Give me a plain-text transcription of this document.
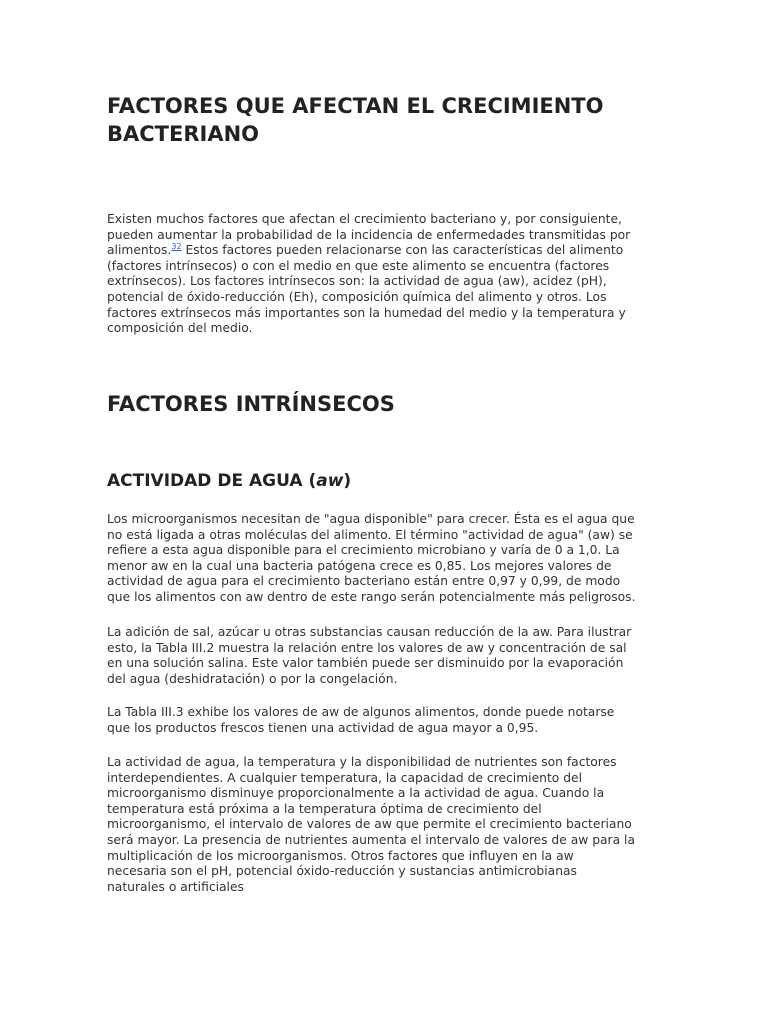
FACTORES QUE AFECTAN EL CRECIMIENTO
BACTERIANO

Existen muchos factores que afectan el crecimiento bacteriano y, por consiguiente, pueden aumentar la probabilidad de la incidencia de enfermedades transmitidas por alimentos.$^{32}$ Estos factores pueden relacionarse con las características del alimento (factores intrínsecos) o con el medio en que este alimento se encuentra (factores extrínsecos). Los factores intrínsecos son: la actividad de agua (aw), acidez (pH), potencial de óxido-reducción (Eh), composición química del alimento y otros. Los factores extrínsecos más importantes son la humedad del medio y la temperatura y composición del medio.

FACTORES INTRÍNSECOS
ACTIVIDAD DE AGUA (aw)

Los microorganismos necesitan de "agua disponible" para crecer. Ésta es el agua que no está ligada a otras moléculas del alimento. El término "actividad de agua" (aw) se refiere a esta agua disponible para el crecimiento microbiano y varía de 0 a 1,0. La menor aw en la cual una bacteria patógena crece es 0,85. Los mejores valores de actividad de agua para el crecimiento bacteriano están entre 0,97 y 0,99, de modo que los alimentos con aw dentro de este rango serán potencialmente más peligrosos.

La adición de sal, azúcar u otras substancias causan reducción de la aw. Para ilustrar esto, la Tabla III.2 muestra la relación entre los valores de aw y concentración de sal en una solución salina. Este valor también puede ser disminuido por la evaporación del agua (deshidratación) o por la congelación.

La Tabla III.3 exhibe los valores de aw de algunos alimentos, donde puede notarse que los productos frescos tienen una actividad de agua mayor a 0,95.

La actividad de agua, la temperatura y la disponibilidad de nutrientes son factores interdependientes. A cualquier temperatura, la capacidad de crecimiento del microorganismo disminuye proporcionalmente a la actividad de agua. Cuando la temperatura está próxima a la temperatura óptima de crecimiento del microorganismo, el intervalo de valores de aw que permite el crecimiento bacteriano será mayor. La presencia de nutrientes aumenta el intervalo de valores de aw para la multiplicación de los microorganismos. Otros factores que influyen en la aw necesaria son el pH, potencial óxido-reducción y sustancias antimicrobianas naturales o artificiales
